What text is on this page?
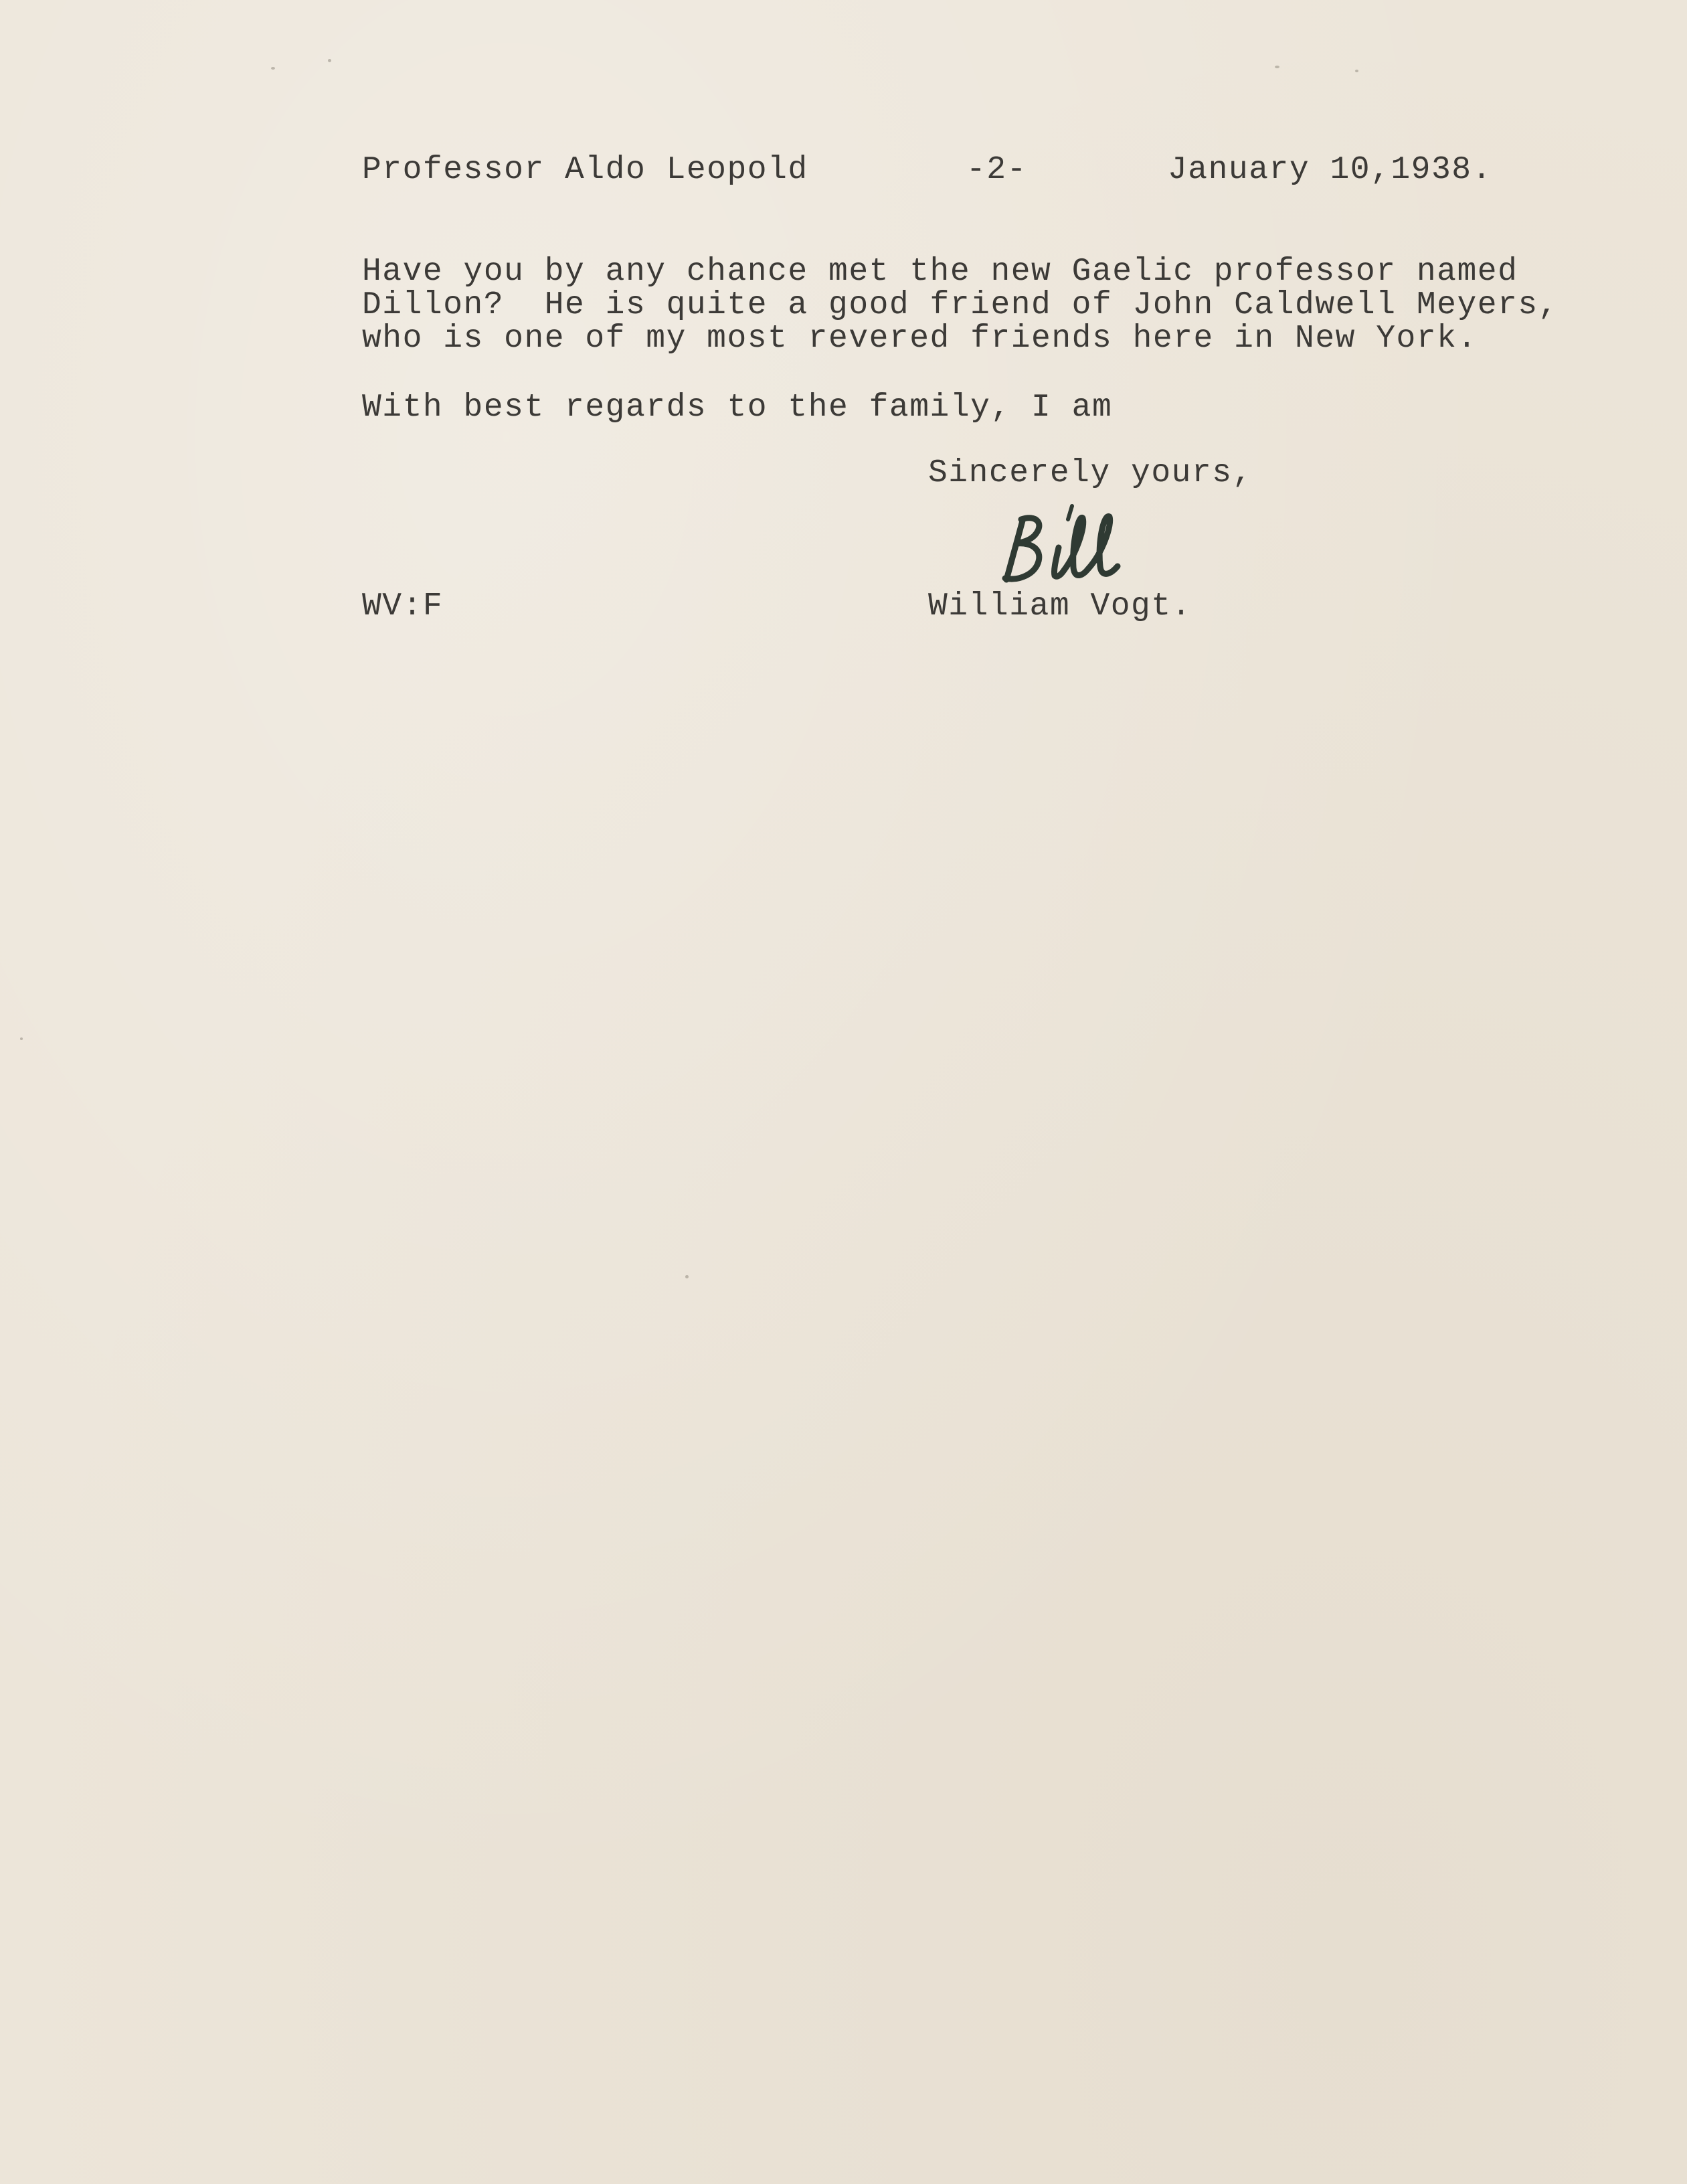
Professor Aldo Leopold	-2-	January 10,1938.
Have you by any chance met the new Gaelic professor named
Dillon?  He is quite a good friend of John Caldwell Meyers,
who is one of my most revered friends here in New York.
With best regards to the family, I am
Sincerely yours,
WV:F	William Vogt.
